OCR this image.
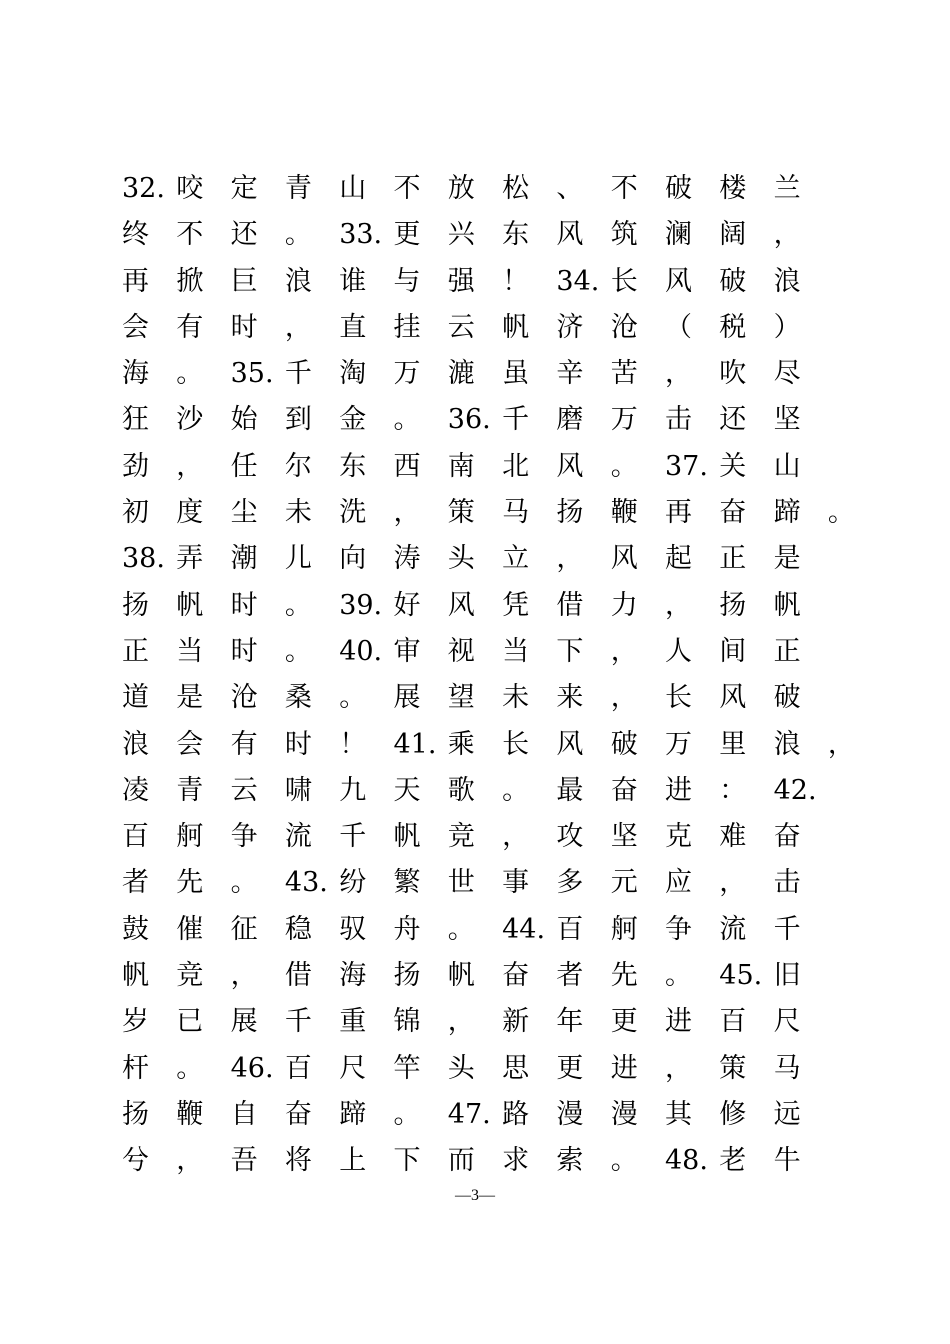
32. 咬 定 青 山 不 放 松 、 不 破 楼 兰
终 不 还 。 33. 更 兴 东 风 筑 澜 阔 ，
再 掀 巨 浪 谁 与 强 ！ 34. 长 风 破 浪
会 有 时 ， 直 挂 云 帆 济 沧 （ 税 ）
海 。 35. 千 淘 万 漉 虽 辛 苦 ， 吹 尽
狂 沙 始 到 金 。 36. 千 磨 万 击 还 坚
劲 ， 任 尔 东 西 南 北 风 。 37. 关 山
初 度 尘 未 洗 ， 策 马 扬 鞭 再 奋 蹄 。
38. 弄 潮 儿 向 涛 头 立 ， 风 起 正 是
扬 帆 时 。 39. 好 风 凭 借 力 ， 扬 帆
正 当 时 。 40. 审 视 当 下 ， 人 间 正
道 是 沧 桑 。 展 望 未 来 ， 长 风 破
浪 会 有 时 ！ 41. 乘 长 风 破 万 里 浪 ，
凌 青 云 啸 九 天 歌 。 最 奋 进 ： 42.
百 舸 争 流 千 帆 竞 ， 攻 坚 克 难 奋
者 先 。 43. 纷 繁 世 事 多 元 应 ， 击
鼓 催 征 稳 驭 舟 。 44. 百 舸 争 流 千
帆 竞 ， 借 海 扬 帆 奋 者 先 。 45. 旧
岁 已 展 千 重 锦 ， 新 年 更 进 百 尺
杆 。 46. 百 尺 竿 头 思 更 进 ， 策 马
扬 鞭 自 奋 蹄 。 47. 路 漫 漫 其 修 远
兮 ， 吾 将 上 下 而 求 索 。 48. 老 牛
—3—
